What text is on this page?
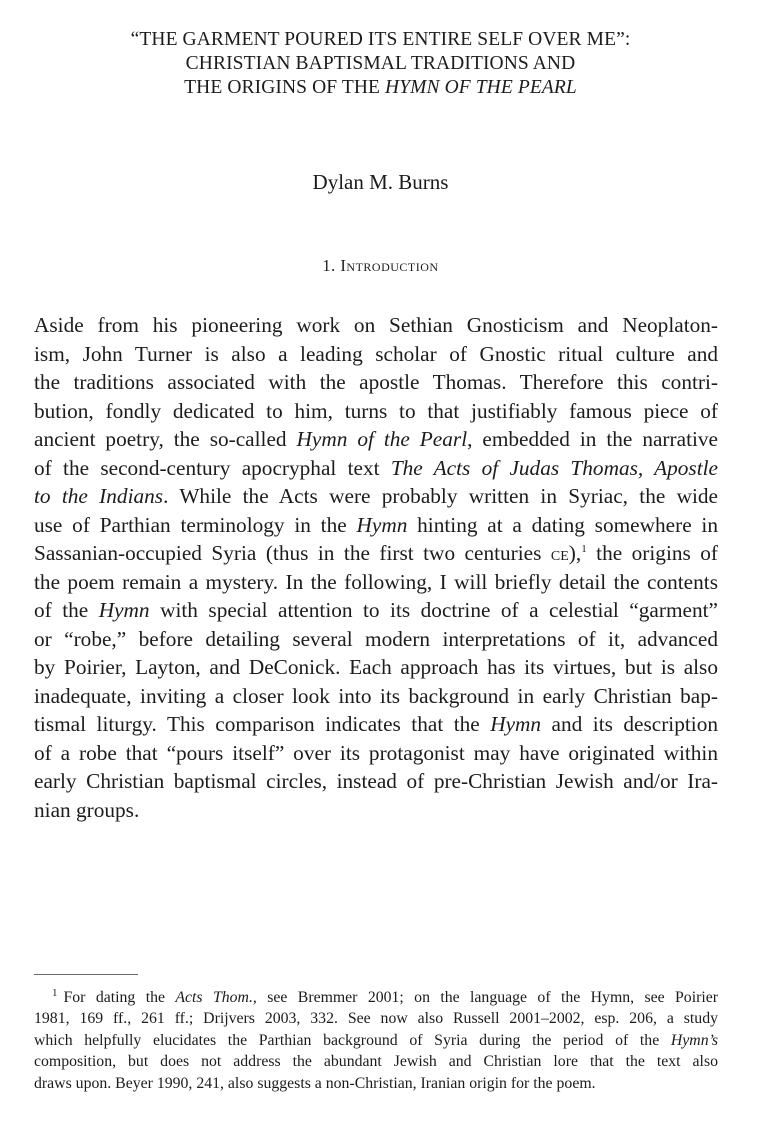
“THE GARMENT POURED ITS ENTIRE SELF OVER ME”:
CHRISTIAN BAPTISMAL TRADITIONS AND
THE ORIGINS OF THE HYMN OF THE PEARL
Dylan M. Burns
1. Introduction
Aside from his pioneering work on Sethian Gnosticism and Neoplaton-
ism, John Turner is also a leading scholar of Gnostic ritual culture and
the traditions associated with the apostle Thomas. Therefore this contri-
bution, fondly dedicated to him, turns to that justifiably famous piece of
ancient poetry, the so-called Hymn of the Pearl, embedded in the narrative
of the second-century apocryphal text The Acts of Judas Thomas, Apostle
to the Indians. While the Acts were probably written in Syriac, the wide
use of Parthian terminology in the Hymn hinting at a dating somewhere in
Sassanian-occupied Syria (thus in the first two centuries ce),$^1$ the origins of
the poem remain a mystery. In the following, I will briefly detail the contents
of the Hymn with special attention to its doctrine of a celestial “garment”
or “robe,” before detailing several modern interpretations of it, advanced
by Poirier, Layton, and DeConick. Each approach has its virtues, but is also
inadequate, inviting a closer look into its background in early Christian bap-
tismal liturgy. This comparison indicates that the Hymn and its description
of a robe that “pours itself” over its protagonist may have originated within
early Christian baptismal circles, instead of pre-Christian Jewish and/or Ira-
nian groups.
$^1$ For dating the Acts Thom., see Bremmer 2001; on the language of the Hymn, see Poirier
1981, 169 ff., 261 ff.; Drijvers 2003, 332. See now also Russell 2001–2002, esp. 206, a study
which helpfully elucidates the Parthian background of Syria during the period of the Hymn’s
composition, but does not address the abundant Jewish and Christian lore that the text also
draws upon. Beyer 1990, 241, also suggests a non-Christian, Iranian origin for the poem.
